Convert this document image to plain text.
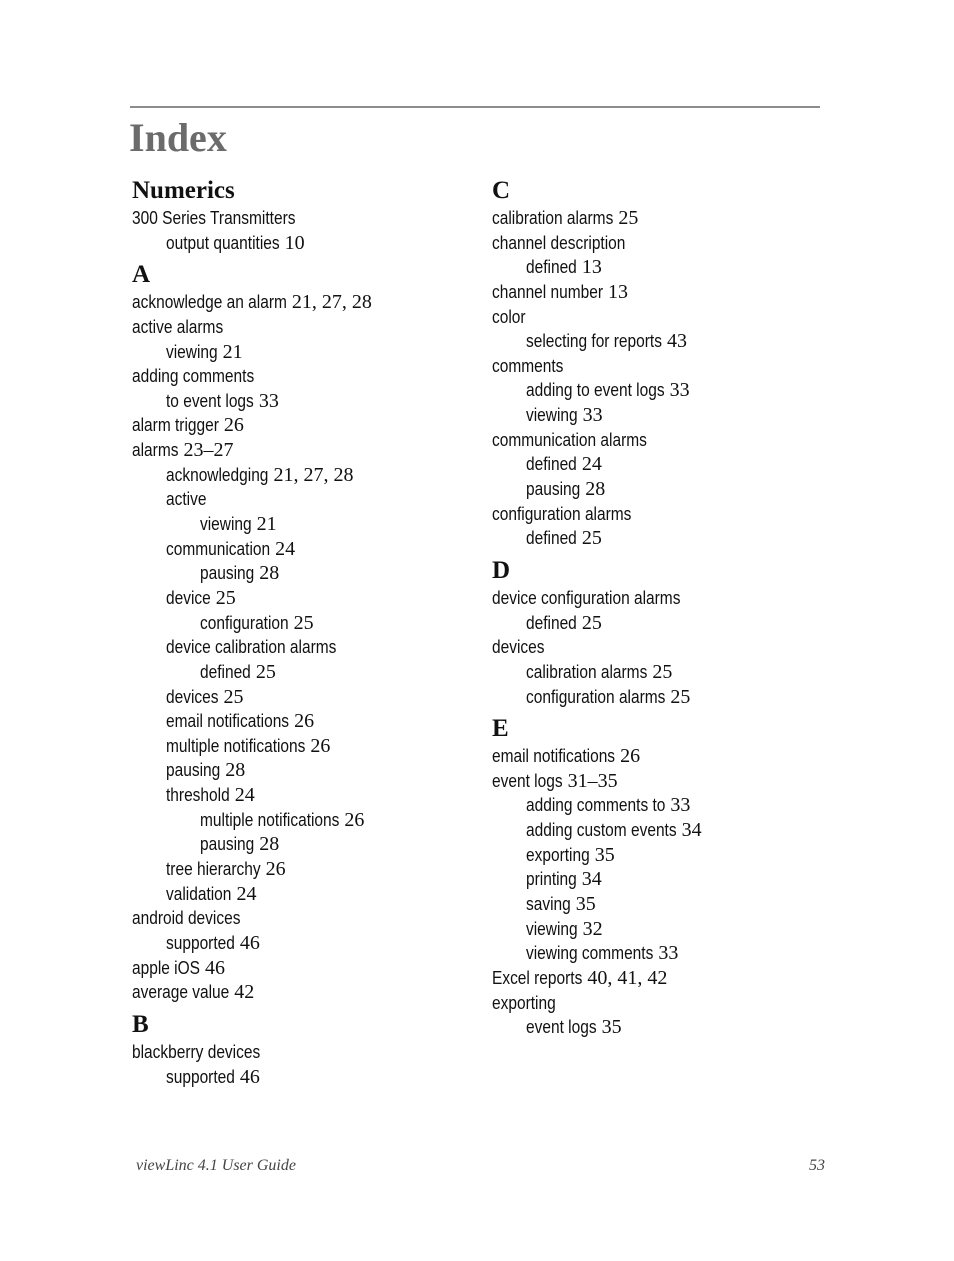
Index
Numerics
300 Series Transmitters
output quantities 10
A
acknowledge an alarm 21, 27, 28
active alarms
viewing 21
adding comments
to event logs 33
alarm trigger 26
alarms 23–27
acknowledging 21, 27, 28
active
viewing 21
communication 24
pausing 28
device 25
configuration 25
device calibration alarms
defined 25
devices 25
email notifications 26
multiple notifications 26
pausing 28
threshold 24
multiple notifications 26
pausing 28
tree hierarchy 26
validation 24
android devices
supported 46
apple iOS 46
average value 42
B
blackberry devices
supported 46
C
calibration alarms 25
channel description
defined 13
channel number 13
color
selecting for reports 43
comments
adding to event logs 33
viewing 33
communication alarms
defined 24
pausing 28
configuration alarms
defined 25
D
device configuration alarms
defined 25
devices
calibration alarms 25
configuration alarms 25
E
email notifications 26
event logs 31–35
adding comments to 33
adding custom events 34
exporting 35
printing 34
saving 35
viewing 32
viewing comments 33
Excel reports 40, 41, 42
exporting
event logs 35
viewLinc 4.1 User Guide	53
